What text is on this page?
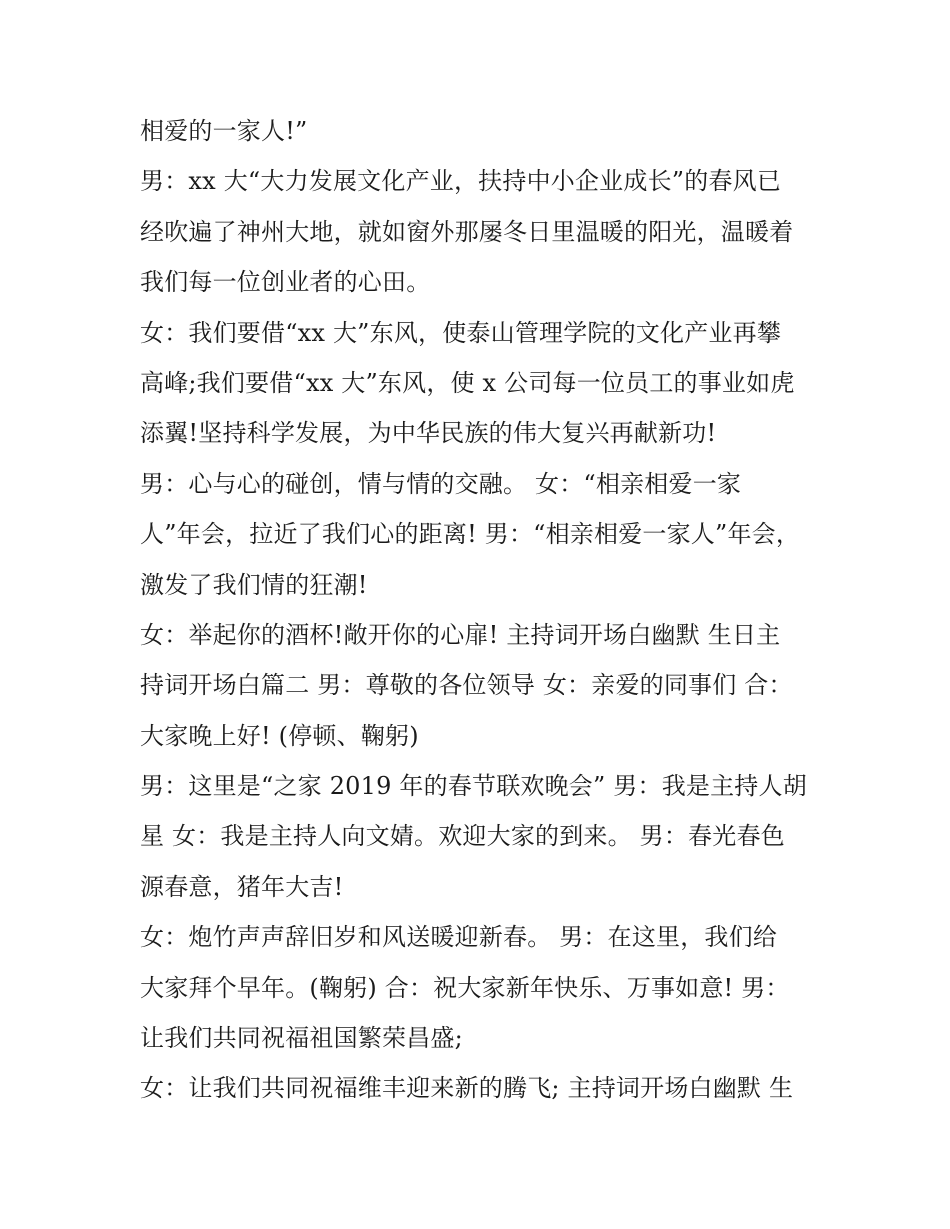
相爱的一家人!”
男：xx 大“大力发展文化产业，扶持中小企业成长”的春风已
经吹遍了神州大地，就如窗外那屡冬日里温暖的阳光，温暖着
我们每一位创业者的心田。
女：我们要借“xx 大”东风，使泰山管理学院的文化产业再攀
高峰;我们要借“xx 大”东风，使 x 公司每一位员工的事业如虎
添翼!坚持科学发展，为中华民族的伟大复兴再献新功!
男：心与心的碰创，情与情的交融。 女：“相亲相爱一家
人”年会，拉近了我们心的距离! 男：“相亲相爱一家人”年会，
激发了我们情的狂潮!
女：举起你的酒杯!敞开你的心扉! 主持词开场白幽默 生日主
持词开场白篇二 男：尊敬的各位领导 女：亲爱的同事们 合：
大家晚上好! (停顿、鞠躬)
男：这里是“之家 2019 年的春节联欢晚会” 男：我是主持人胡
星 女：我是主持人向文婧。欢迎大家的到来。 男：春光春色
源春意，猪年大吉!
女：炮竹声声辞旧岁和风送暖迎新春。 男：在这里，我们给
大家拜个早年。(鞠躬) 合：祝大家新年快乐、万事如意! 男：
让我们共同祝福祖国繁荣昌盛;
女：让我们共同祝福维丰迎来新的腾飞; 主持词开场白幽默 生
